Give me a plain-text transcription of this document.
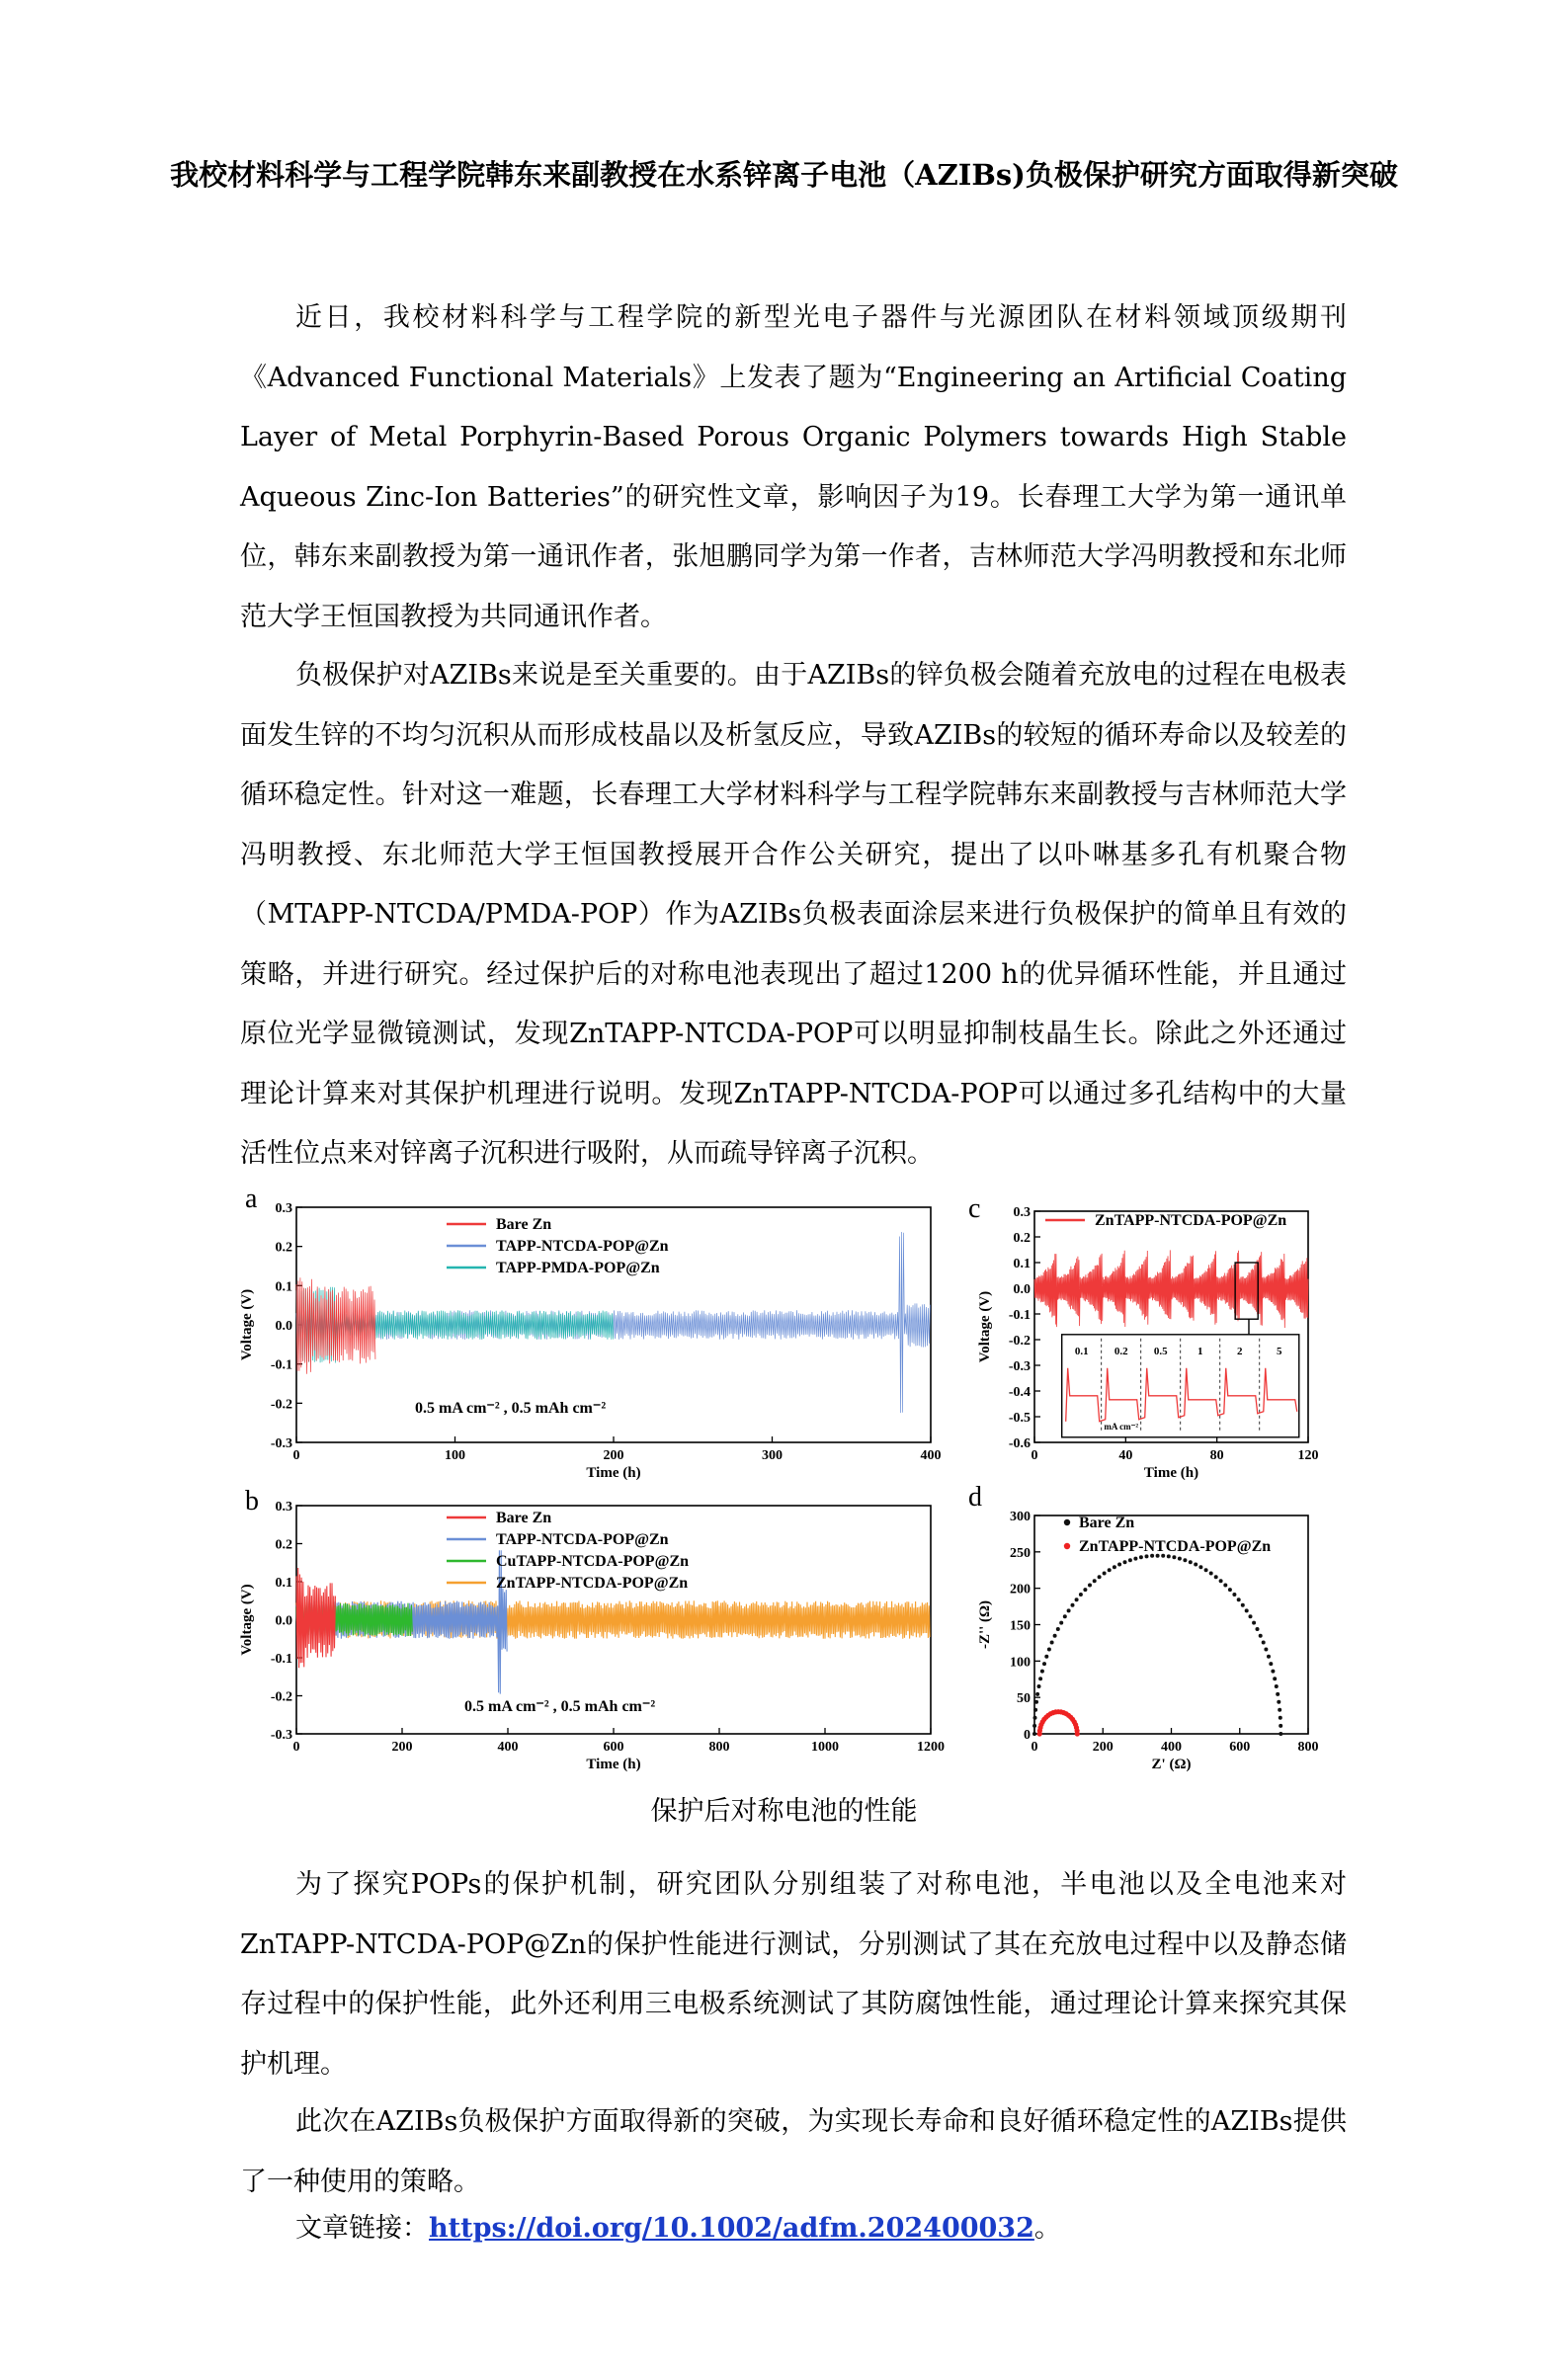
我校材料科学与工程学院韩东来副教授在水系锌离子电池（AZIBs)负极保护研究方面取得新突破
近日，我校材料科学与工程学院的新型光电子器件与光源团队在材料领域顶级期刊《Advanced Functional Materials》上发表了题为“Engineering an Artificial Coating Layer of Metal Porphyrin-Based Porous Organic Polymers towards High Stable Aqueous Zinc-Ion Batteries”的研究性文章，影响因子为19。长春理工大学为第一通讯单位，韩东来副教授为第一通讯作者，张旭鹏同学为第一作者，吉林师范大学冯明教授和东北师范大学王恒国教授为共同通讯作者。
负极保护对AZIBs来说是至关重要的。由于AZIBs的锌负极会随着充放电的过程在电极表面发生锌的不均匀沉积从而形成枝晶以及析氢反应，导致AZIBs的较短的循环寿命以及较差的循环稳定性。针对这一难题，长春理工大学材料科学与工程学院韩东来副教授与吉林师范大学冯明教授、东北师范大学王恒国教授展开合作公关研究，提出了以卟啉基多孔有机聚合物（MTAPP-NTCDA/PMDA-POP）作为AZIBs负极表面涂层来进行负极保护的简单且有效的策略，并进行研究。经过保护后的对称电池表现出了超过1200 h的优异循环性能，并且通过原位光学显微镜测试，发现ZnTAPP-NTCDA-POP可以明显抑制枝晶生长。除此之外还通过理论计算来对其保护机理进行说明。发现ZnTAPP-NTCDA-POP可以通过多孔结构中的大量活性位点来对锌离子沉积进行吸附，从而疏导锌离子沉积。
0	100	200	300	400
-0.3
-0.2
-0.1
0.0
0.1
0.2
0.3
Time (h)
Voltage (V)
a
Bare Zn
TAPP-NTCDA-POP@Zn
TAPP-PMDA-POP@Zn
0.5 mA cm⁻² , 0.5 mAh cm⁻²
0	200	400	600	800	1000	1200
-0.3
-0.2
-0.1
0.0
0.1
0.2
0.3
Time (h)
Voltage (V)
b
Bare Zn
TAPP-NTCDA-POP@Zn
CuTAPP-NTCDA-POP@Zn
ZnTAPP-NTCDA-POP@Zn
0.5 mA cm⁻² , 0.5 mAh cm⁻²
0	40	80	120
-0.6
-0.5
-0.4
-0.3
-0.2
-0.1
0.0
0.1
0.2
0.3
Time (h)
Voltage (V)
c	ZnTAPP-NTCDA-POP@Zn
0.1 0.2 0.5	1	2	5
mA cm⁻²
0	200	400	600	800
0
50
100
150
200
250
300
Z' (Ω)
-Z'' (Ω)
d
Bare Zn
ZnTAPP-NTCDA-POP@Zn
保护后对称电池的性能
为了探究POPs的保护机制，研究团队分别组装了对称电池，半电池以及全电池来对ZnTAPP-NTCDA-POP@Zn的保护性能进行测试，分别测试了其在充放电过程中以及静态储存过程中的保护性能，此外还利用三电极系统测试了其防腐蚀性能，通过理论计算来探究其保护机理。
此次在AZIBs负极保护方面取得新的突破，为实现长寿命和良好循环稳定性的AZIBs提供了一种使用的策略。
文章链接：https://doi.org/10.1002/adfm.202400032。
